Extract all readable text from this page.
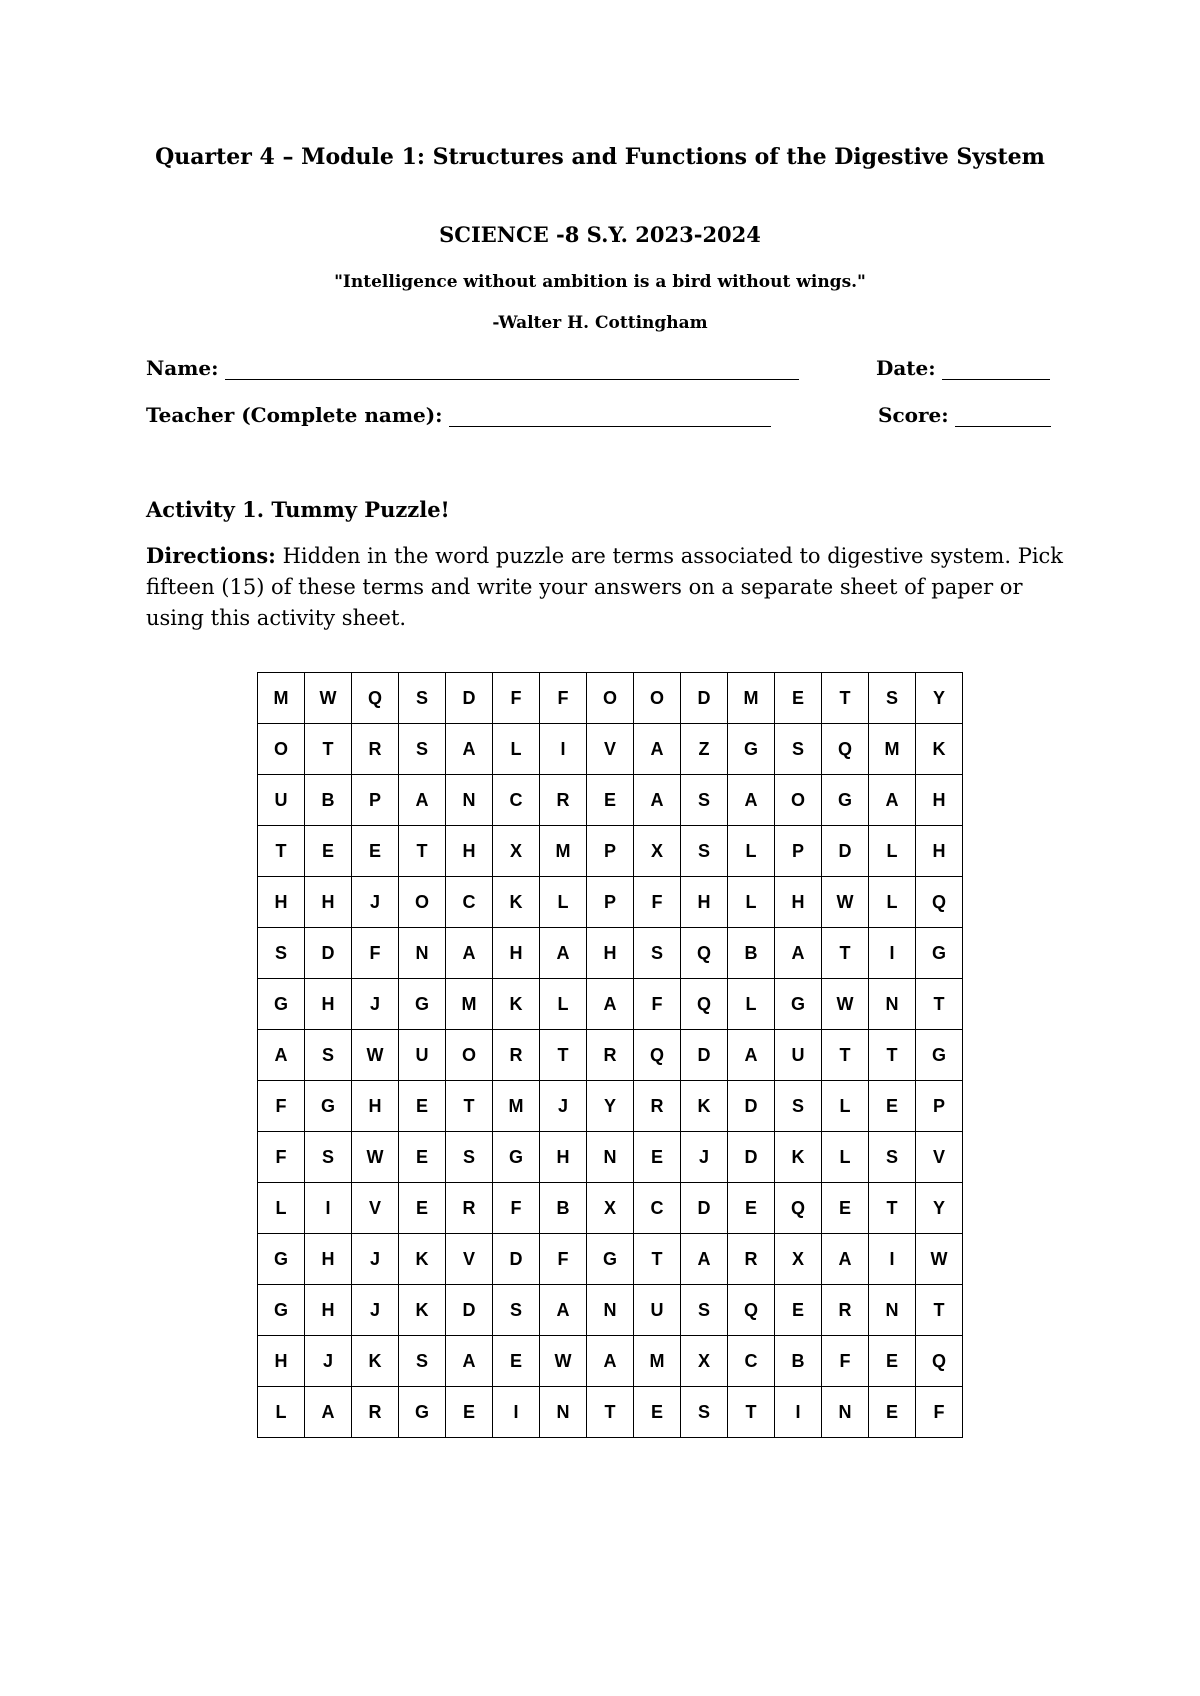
Quarter 4 – Module 1: Structures and Functions of the Digestive System
SCIENCE -8 S.Y. 2023-2024
"Intelligence without ambition is a bird without wings."
-Walter H. Cottingham
Name:	Date:
Teacher (Complete name):	Score:
Activity 1. Tummy Puzzle!
Directions: Hidden in the word puzzle are terms associated to digestive system. Pick fifteen (15) of these terms and write your answers on a separate sheet of paper or using this activity sheet.
M	W	Q	S	D	F	F	O	O	D	M	E	T	S	Y
O	T	R	S	A	L	I	V	A	Z	G	S	Q	M	K
U	B	P	A	N	C	R	E	A	S	A	O	G	A	H
T	E	E	T	H	X	M	P	X	S	L	P	D	L	H
H	H	J	O	C	K	L	P	F	H	L	H	W	L	Q
S	D	F	N	A	H	A	H	S	Q	B	A	T	I	G
G	H	J	G	M	K	L	A	F	Q	L	G	W	N	T
A	S	W	U	O	R	T	R	Q	D	A	U	T	T	G
F	G	H	E	T	M	J	Y	R	K	D	S	L	E	P
F	S	W	E	S	G	H	N	E	J	D	K	L	S	V
L	I	V	E	R	F	B	X	C	D	E	Q	E	T	Y
G	H	J	K	V	D	F	G	T	A	R	X	A	I	W
G	H	J	K	D	S	A	N	U	S	Q	E	R	N	T
H	J	K	S	A	E	W	A	M	X	C	B	F	E	Q
L	A	R	G	E	I	N	T	E	S	T	I	N	E	F
